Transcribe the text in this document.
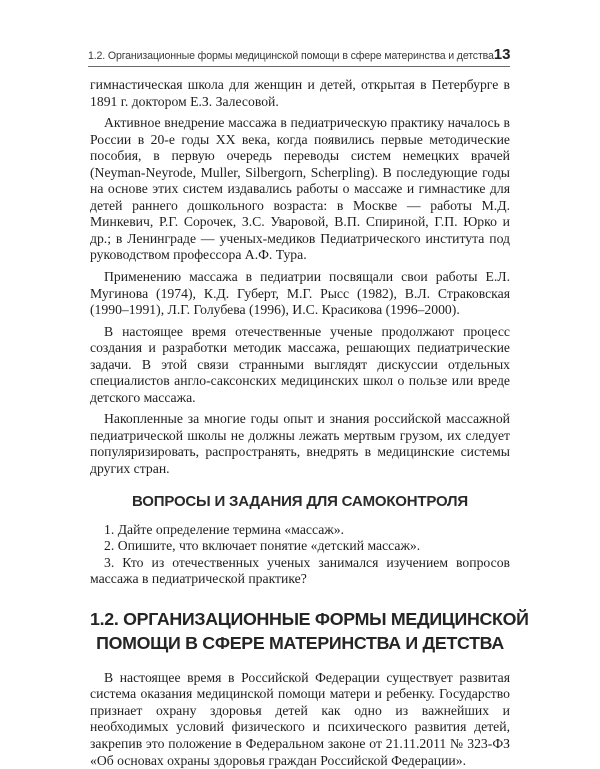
1.2. Организационные формы медицинской помощи в сфере материнства и детства 13

гимнастическая школа для женщин и детей, открытая в Петербурге в 1891 г. доктором Е.З. Залесовой.

Активное внедрение массажа в педиатрическую практику началось в России в 20-е годы XX века, когда появились первые методические пособия, в первую очередь переводы систем немецких врачей (Neyman-Neyrode, Muller, Silbergorn, Scherpling). В последующие годы на основе этих систем издавались работы о массаже и гимнастике для детей раннего дошкольного возраста: в Москве — работы М.Д. Минкевич, Р.Г. Сорочек, З.С. Уваровой, В.П. Спириной, Г.П. Юрко и др.; в Ленинграде — ученых-медиков Педиатрического института под руководством профессора А.Ф. Тура.

Применению массажа в педиатрии посвящали свои работы Е.Л. Мугинова (1974), К.Д. Губерт, М.Г. Рысс (1982), В.Л. Страковская (1990–1991), Л.Г. Голубева (1996), И.С. Красикова (1996–2000).

В настоящее время отечественные ученые продолжают процесс создания и разработки методик массажа, решающих педиатрические задачи. В этой связи странными выглядят дискуссии отдельных специалистов англо-саксонских медицинских школ о пользе или вреде детского массажа.

Накопленные за многие годы опыт и знания российской массажной педиатрической школы не должны лежать мертвым грузом, их следует популяризировать, распространять, внедрять в медицинские системы других стран.

ВОПРОСЫ И ЗАДАНИЯ ДЛЯ САМОКОНТРОЛЯ
1. Дайте определение термина «массаж».
2. Опишите, что включает понятие «детский массаж».
3. Кто из отечественных ученых занимался изучением вопросов массажа в педиатрической практике?
1.2. ОРГАНИЗАЦИОННЫЕ ФОРМЫ МЕДИЦИНСКОЙ
ПОМОЩИ В СФЕРЕ МАТЕРИНСТВА И ДЕТСТВА

В настоящее время в Российской Федерации существует развитая система оказания медицинской помощи матери и ребенку. Государство признает охрану здоровья детей как одно из важнейших и необходимых условий физического и психического развития детей, закрепив это положение в Федеральном законе от 21.11.2011 № 323-ФЗ «Об основах охраны здоровья граждан Российской Федерации».
